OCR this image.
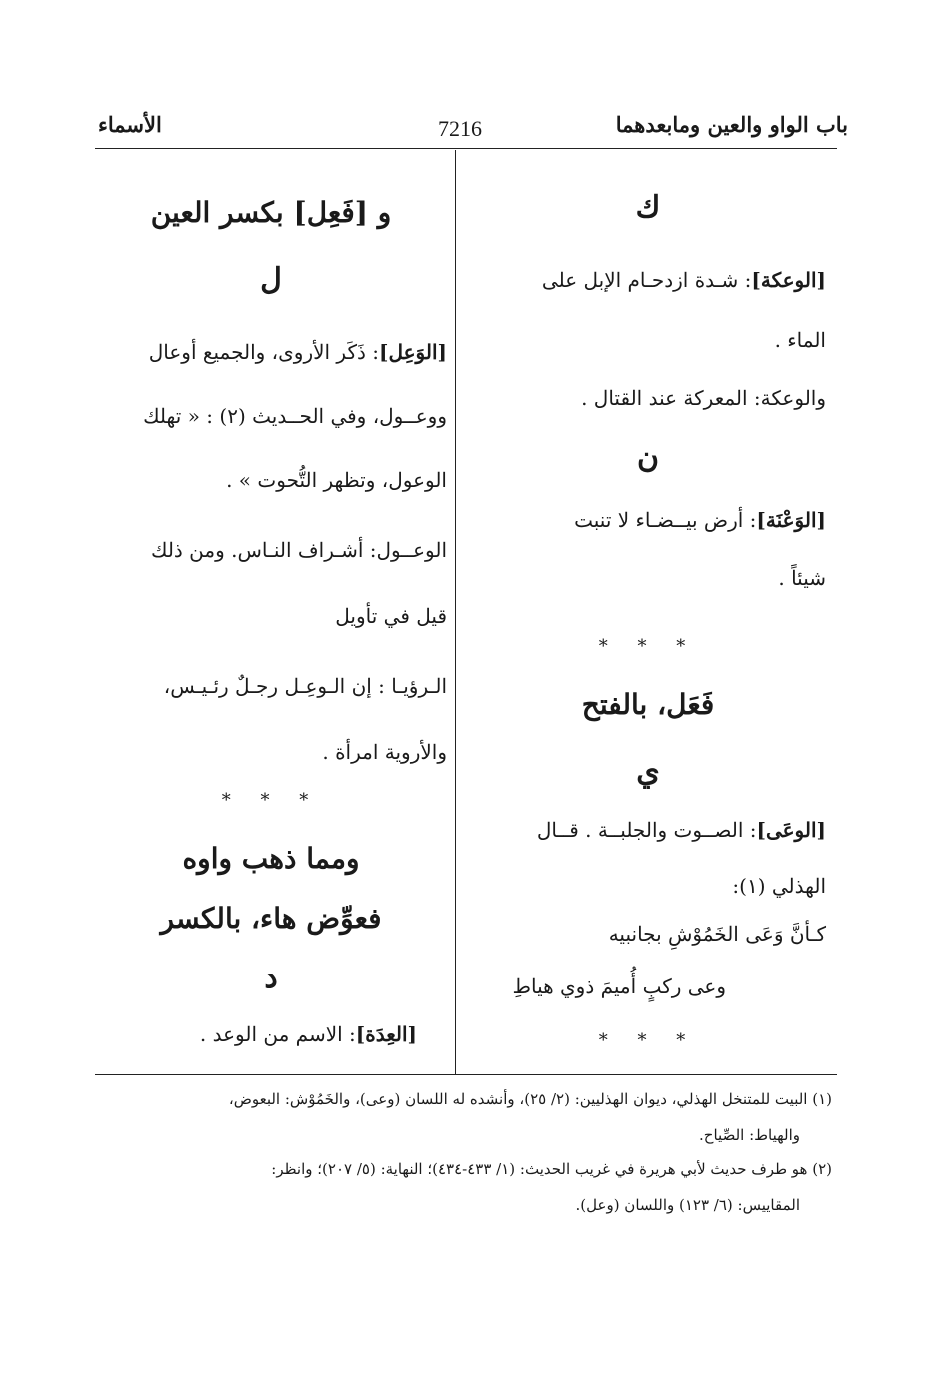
الأسماء	7216	باب الواو والعين ومابعدهما
ك
[الوعكة]: شـدة ازدحـام الإبل على
الماء .
والوعكة: المعركة عند القتال .
ن
[الوَعْنَة]: أرض بيــضـاء لا تنبت
شيئاً .
* * *
فَعَل، بالفتح
ي
[الوعَى]: الصــوت والجلبــة . قــال
الهذلي (١):
كـأنَّ وَعَى الخَمُوْشِ بجانبيه
وعى ركبٍ أُميمَ ذوي هياطِ
* * *
و [فَعِل] بكسر العين
ل
[الوَعِل]: ذَكَر الأروى، والجميع أوعال
ووعــول، وفي الحــديث (٢) : « تهلك
الوعول، وتظهر التُّحوت » .
الوعــول: أشـراف النـاس. ومن ذلك
قيل في تأويل
الـرؤيـا : إن الـوعِـل رجـلٌ رئـيـس،
والأروية امرأة .
* * *
ومما ذهب واوه
فعوِّض هاء، بالكسر
د
[العِدَة]: الاسم من الوعد .
(١) البيت للمتنخل الهذلي، ديوان الهذليين: (٢/ ٢٥)، وأنشده له اللسان (وعى)، والخَمُوْش: البعوض،
والهياط: الصِّياح.
(٢) هو طرف حديث لأبي هريرة في غريب الحديث: (١/ ٤٣٣-٤٣٤)؛ النهاية: (٥/ ٢٠٧)؛ وانظر:
المقاييس: (٦/ ١٢٣) واللسان (وعل).
